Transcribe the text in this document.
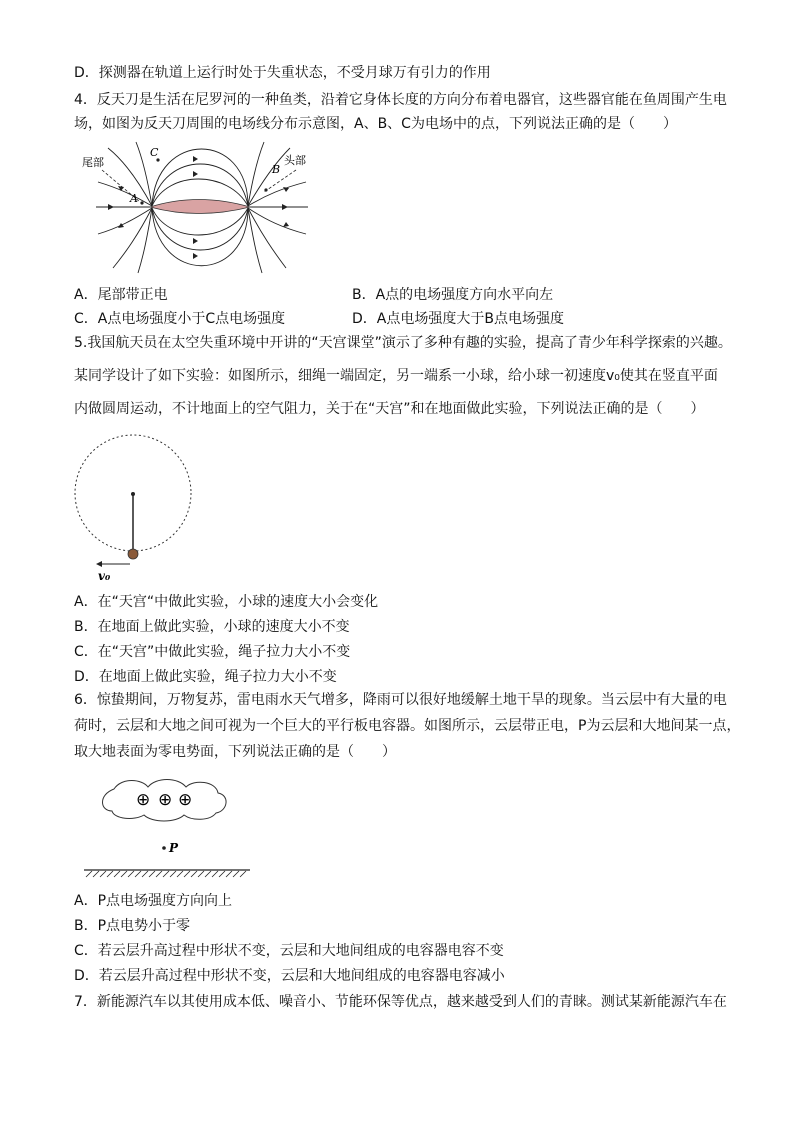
D．探测器在轨道上运行时处于失重状态，不受月球万有引力的作用
4．反天刀是生活在尼罗河的一种鱼类，沿着它身体长度的方向分布着电器官，这些器官能在鱼周围产生电
场，如图为反天刀周围的电场线分布示意图，A、B、C为电场中的点，下列说法正确的是（　　）
尾部	头部
A
B
C
A．尾部带正电	B．A点的电场强度方向水平向左
C．A点电场强度小于C点电场强度	D．A点电场强度大于B点电场强度
5.我国航天员在太空失重环境中开讲的“天宫课堂”演示了多种有趣的实验，提高了青少年科学探索的兴趣。
某同学设计了如下实验：如图所示，细绳一端固定，另一端系一小球，给小球一初速度v₀使其在竖直平面
内做圆周运动，不计地面上的空气阻力，关于在“天宫”和在地面做此实验，下列说法正确的是（　　）
v₀
A．在“天宫“中做此实验，小球的速度大小会变化
B．在地面上做此实验，小球的速度大小不变
C．在“天宫”中做此实验，绳子拉力大小不变
D．在地面上做此实验，绳子拉力大小不变
6．惊蛰期间，万物复苏，雷电雨水天气增多，降雨可以很好地缓解土地干旱的现象。当云层中有大量的电
荷时，云层和大地之间可视为一个巨大的平行板电容器。如图所示，云层带正电，P为云层和大地间某一点，
取大地表面为零电势面，下列说法正确的是（　　）
⊕ ⊕ ⊕
P
A．P点电场强度方向向上
B．P点电势小于零
C．若云层升高过程中形状不变，云层和大地间组成的电容器电容不变
D．若云层升高过程中形状不变，云层和大地间组成的电容器电容减小
7．新能源汽车以其使用成本低、噪音小、节能环保等优点，越来越受到人们的青睐。测试某新能源汽车在
